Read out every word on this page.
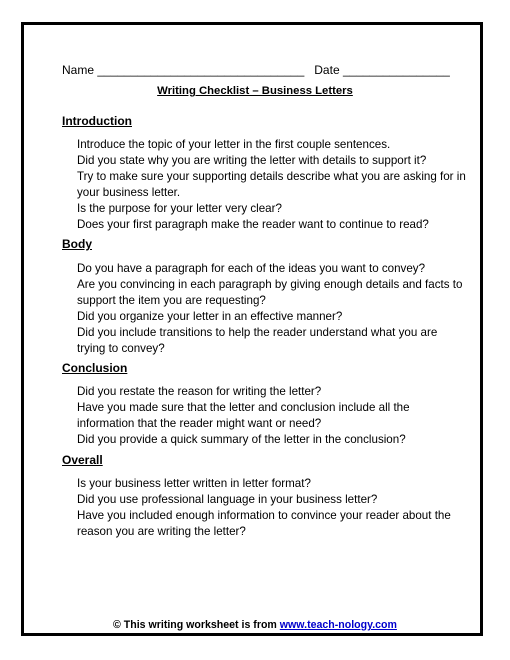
Name _______________________________ Date ________________
Writing Checklist – Business Letters
Introduction
Introduce the topic of your letter in the first couple sentences.
Did you state why you are writing the letter with details to support it?
Try to make sure your supporting details describe what you are asking for in your business letter.
Is the purpose for your letter very clear?
Does your first paragraph make the reader want to continue to read?
Body
Do you have a paragraph for each of the ideas you want to convey?
Are you convincing in each paragraph by giving enough details and facts to support the item you are requesting?
Did you organize your letter in an effective manner?
Did you include transitions to help the reader understand what you are trying to convey?
Conclusion
Did you restate the reason for writing the letter?
Have you made sure that the letter and conclusion include all the information that the reader might want or need?
Did you provide a quick summary of the letter in the conclusion?
Overall
Is your business letter written in letter format?
Did you use professional language in your business letter?
Have you included enough information to convince your reader about the reason you are writing the letter?
© This writing worksheet is from www.teach-nology.com
